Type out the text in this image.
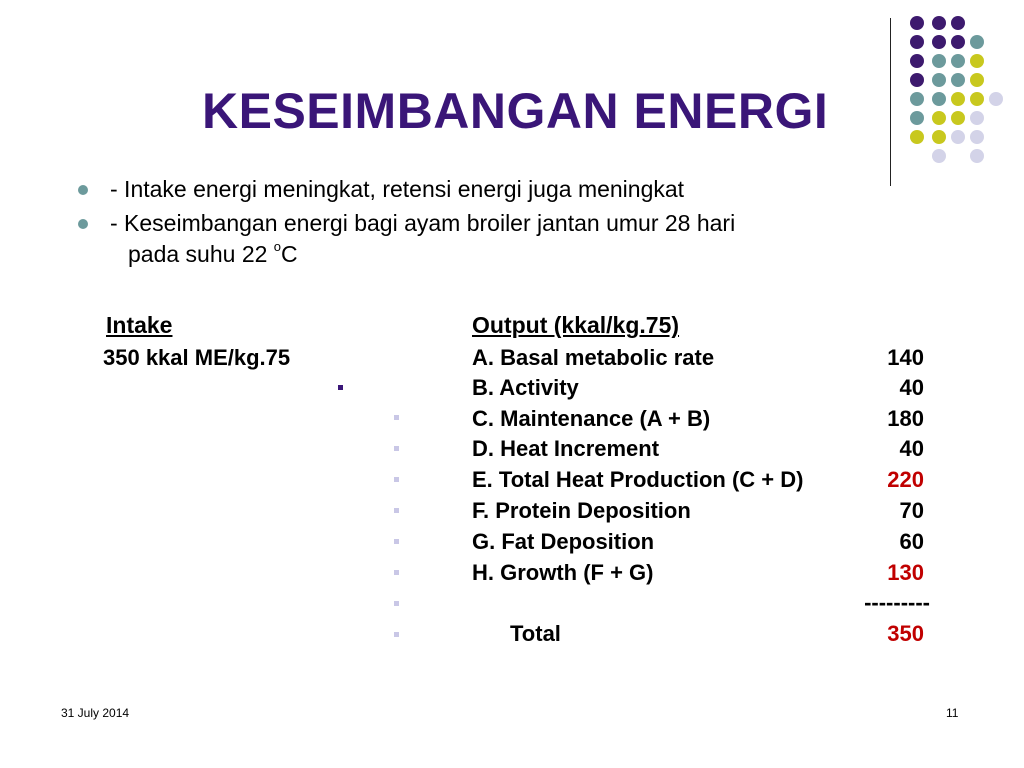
KESEIMBANGAN ENERGI
- Intake energi meningkat, retensi energi juga meningkat
- Keseimbangan energi bagi ayam broiler jantan umur 28 hari
pada suhu 22 $^o$C
Intake	Output (kkal/kg.75)
350 kkal ME/kg.75	A. Basal metabolic rate	140
B. Activity	40
C. Maintenance (A + B)	180
D. Heat Increment	40
E. Total Heat Production (C + D)	220
F. Protein Deposition	70
G. Fat Deposition	60
H. Growth (F + G)	130
---------
Total	350
31 July 2014	11
